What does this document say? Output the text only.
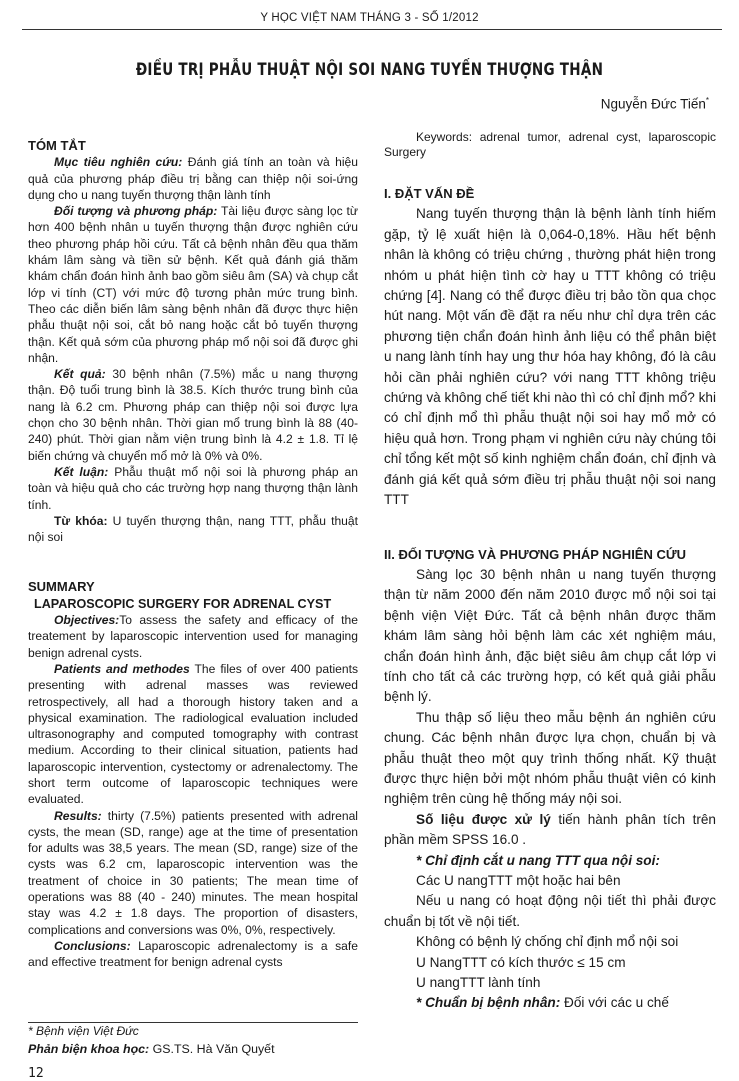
Y HỌC VIỆT NAM THÁNG 3 - SỐ 1/2012
ĐIỀU TRỊ PHẪU THUẬT NỘI SOI NANG TUYẾN THƯỢNG THẬN
Nguyễn Đức Tiến*
TÓM TẮT

Mục tiêu nghiên cứu: Đánh giá tính an toàn và hiệu quả của phương pháp điều trị bằng can thiệp nội soi-ứng dụng cho u nang tuyến thượng thận lành tính

Đối tượng và phương pháp: Tài liệu được sàng lọc từ hơn 400 bệnh nhân u tuyến thượng thận được nghiên cứu theo phương pháp hồi cứu. Tất cả bệnh nhân đều qua thăm khám lâm sàng và tiền sử bệnh. Kết quả đánh giá thăm khám chẩn đoán hình ảnh bao gồm siêu âm (SA) và chụp cắt lớp vi tính (CT) với mức độ tương phản mức trung bình. Theo các diễn biến lâm sàng bệnh nhân đã được thực hiện phẫu thuật nội soi, cắt bỏ nang hoặc cắt bỏ tuyến thượng thận. Kết quả sớm của phương pháp mổ nội soi đã được ghi nhận.

Kết quả: 30 bệnh nhân (7.5%) mắc u nang thượng thận. Độ tuổi trung bình là 38.5. Kích thước trung bình của nang là 6.2 cm. Phương pháp can thiệp nội soi được lựa chọn cho 30 bệnh nhân. Thời gian mổ trung bình là 88 (40-240) phút. Thời gian nằm viện trung bình là 4.2 ± 1.8. Tỉ lệ biến chứng và chuyển mổ mở là 0% và 0%.

Kết luận: Phẫu thuật mổ nội soi là phương pháp an toàn và hiệu quả cho các trường hợp nang thượng thận lành tính.

Từ khóa: U tuyến thượng thận, nang TTT, phẫu thuật nội soi

SUMMARY
LAPAROSCOPIC SURGERY FOR ADRENAL CYST

Objectives:To assess the safety and efficacy of the treatement by laparoscopic intervention used for managing benign adrenal cysts.

Patients and methodes The files of over 400 patients presenting with adrenal masses was reviewed retrospectively, all had a thorough history taken and a physical examination. The radiological evaluation included ultrasonography and computed tomography with contrast medium. According to their clinical situation, patients had laparoscopic intervention, cystectomy or adrenalectomy. The short term outcome of laparoscopic techniques were evaluated.

Results: thirty (7.5%) patients presented with adrenal cysts, the mean (SD, range) age at the time of presentation for adults was 38,5 years. The mean (SD, range) size of the cysts was 6.2 cm, laparoscopic intervention was the treatment of choice in 30 patients; The mean time of operations was 88 (40 - 240) minutes. The mean hospital stay was 4.2 ± 1.8 days. The proportion of disasters, complications and conversions was 0%, 0%, respectively.

Conclusions: Laparoscopic adrenalectomy is a safe and effective treatment for benign adrenal cysts

* Bệnh viện Việt Đức
Phản biện khoa học: GS.TS. Hà Văn Quyết
12

Keywords: adrenal tumor, adrenal cyst, laparoscopic Surgery

I. ĐẶT VẤN ĐỀ

Nang tuyến thượng thận là bệnh lành tính hiếm gặp, tỷ lệ xuất hiện là 0,064-0,18%. Hầu hết bệnh nhân là không có triệu chứng , thường phát hiện trong nhóm u phát hiện tình cờ hay u TTT không có triệu chứng [4]. Nang có thể được điều trị bảo tồn qua chọc hút nang. Một vấn đề đặt ra nếu như chỉ dựa trên các phương tiện chẩn đoán hình ảnh liệu có thể phân biệt u nang lành tính hay ung thư hóa hay không, đó là câu hỏi cần phải nghiên cứu? với nang TTT không triệu chứng và không chế tiết khi nào thì có chỉ định mổ? khi có chỉ định mổ thì phẫu thuật nội soi hay mổ mở có hiệu quả hơn. Trong phạm vi nghiên cứu này chúng tôi chỉ tổng kết một số kinh nghiệm chẩn đoán, chỉ định và đánh giá kết quả sớm điều trị phẫu thuật nội soi nang TTT

II. ĐỐI TƯỢNG VÀ PHƯƠNG PHÁP NGHIÊN CỨU

Sàng lọc 30 bệnh nhân u nang tuyến thượng thận từ năm 2000 đến năm 2010 được mổ nội soi tại bệnh viện Việt Đức. Tất cả bệnh nhân được thăm khám lâm sàng hỏi bệnh làm các xét nghiệm máu, chẩn đoán hình ảnh, đặc biệt siêu âm chụp cắt lớp vi tính cho tất cả các trường hợp, có kết quả giải phẫu bệnh lý.

Thu thập số liệu theo mẫu bệnh án nghiên cứu chung. Các bệnh nhân được lựa chọn, chuẩn bị và phẫu thuật theo một quy trình thống nhất. Kỹ thuật được thực hiện bởi một nhóm phẫu thuật viên có kinh nghiệm trên cùng hệ thống máy nội soi.

Số liệu được xử lý tiến hành phân tích trên phần mềm SPSS 16.0 .

* Chỉ định cắt u nang TTT qua nội soi:

Các U nangTTT một hoặc hai bên

Nếu u nang có hoạt động nội tiết thì phải được chuẩn bị tốt về nội tiết.

Không có bệnh lý chống chỉ định mổ nội soi

U NangTTT có kích thước ≤ 15 cm

U nangTTT lành tính

* Chuẩn bị bệnh nhân: Đối với các u chế
